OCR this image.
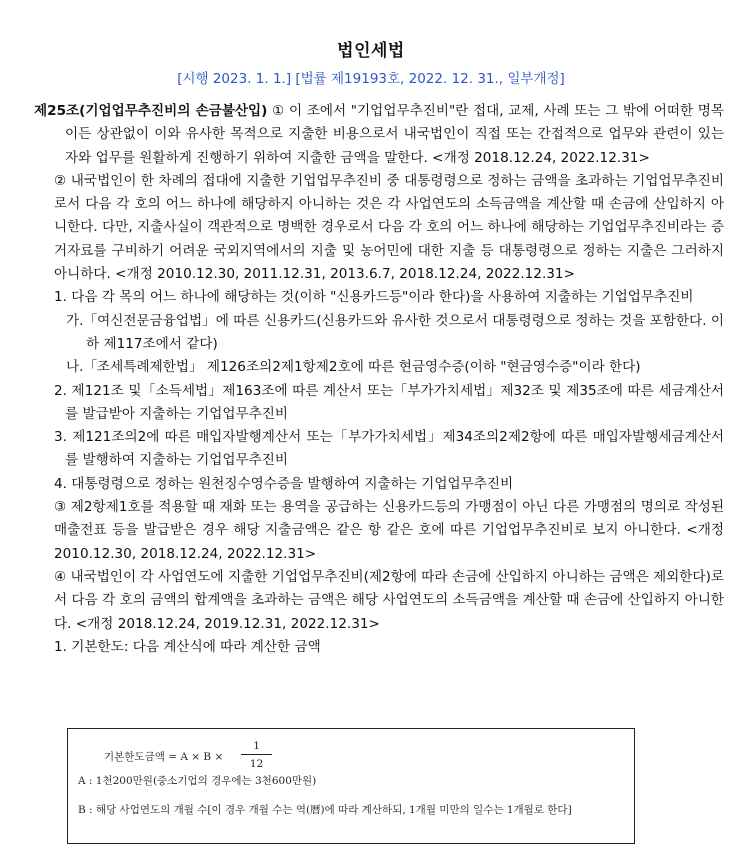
법인세법
[시행 2023. 1. 1.] [법률 제19193호, 2022. 12. 31., 일부개정]

제25조(기업업무추진비의 손금불산입) ① 이 조에서 "기업업무추진비"란 접대, 교제, 사례 또는 그 밖에 어떠한 명목이든 상관없이 이와 유사한 목적으로 지출한 비용으로서 내국법인이 직접 또는 간접적으로 업무와 관련이 있는 자와 업무를 원활하게 진행하기 위하여 지출한 금액을 말한다. <개정 2018.12.24, 2022.12.31>

② 내국법인이 한 차례의 접대에 지출한 기업업무추진비 중 대통령령으로 정하는 금액을 초과하는 기업업무추진비로서 다음 각 호의 어느 하나에 해당하지 아니하는 것은 각 사업연도의 소득금액을 계산할 때 손금에 산입하지 아니한다. 다만, 지출사실이 객관적으로 명백한 경우로서 다음 각 호의 어느 하나에 해당하는 기업업무추진비라는 증거자료를 구비하기 어려운 국외지역에서의 지출 및 농어민에 대한 지출 등 대통령령으로 정하는 지출은 그러하지 아니하다. <개정 2010.12.30, 2011.12.31, 2013.6.7, 2018.12.24, 2022.12.31>

1. 다음 각 목의 어느 하나에 해당하는 것(이하 "신용카드등"이라 한다)을 사용하여 지출하는 기업업무추진비

가.「여신전문금융업법」에 따른 신용카드(신용카드와 유사한 것으로서 대통령령으로 정하는 것을 포함한다. 이하 제117조에서 같다)

나.「조세특례제한법」 제126조의2제1항제2호에 따른 현금영수증(이하 "현금영수증"이라 한다)

2. 제121조 및「소득세법」제163조에 따른 계산서 또는「부가가치세법」제32조 및 제35조에 따른 세금계산서를 발급받아 지출하는 기업업무추진비

3. 제121조의2에 따른 매입자발행계산서 또는「부가가치세법」제34조의2제2항에 따른 매입자발행세금계산서를 발행하여 지출하는 기업업무추진비

4. 대통령령으로 정하는 원천징수영수증을 발행하여 지출하는 기업업무추진비

③ 제2항제1호를 적용할 때 재화 또는 용역을 공급하는 신용카드등의 가맹점이 아닌 다른 가맹점의 명의로 작성된 매출전표 등을 발급받은 경우 해당 지출금액은 같은 항 같은 호에 따른 기업업무추진비로 보지 아니한다. <개정 2010.12.30, 2018.12.24, 2022.12.31>

④ 내국법인이 각 사업연도에 지출한 기업업무추진비(제2항에 따라 손금에 산입하지 아니하는 금액은 제외한다)로서 다음 각 호의 금액의 합계액을 초과하는 금액은 해당 사업연도의 소득금액을 계산할 때 손금에 산입하지 아니한다. <개정 2018.12.24, 2019.12.31, 2022.12.31>

1. 기본한도: 다음 계산식에 따라 계산한 금액

기본한도금액 = $A \times B \times \frac{1}{12}$
A : 1천200만원(중소기업의 경우에는 3천600만원)
B : 해당 사업연도의 개월 수[이 경우 개월 수는 역(曆)에 따라 계산하되, 1개월 미만의 일수는 1개월로 한다]
